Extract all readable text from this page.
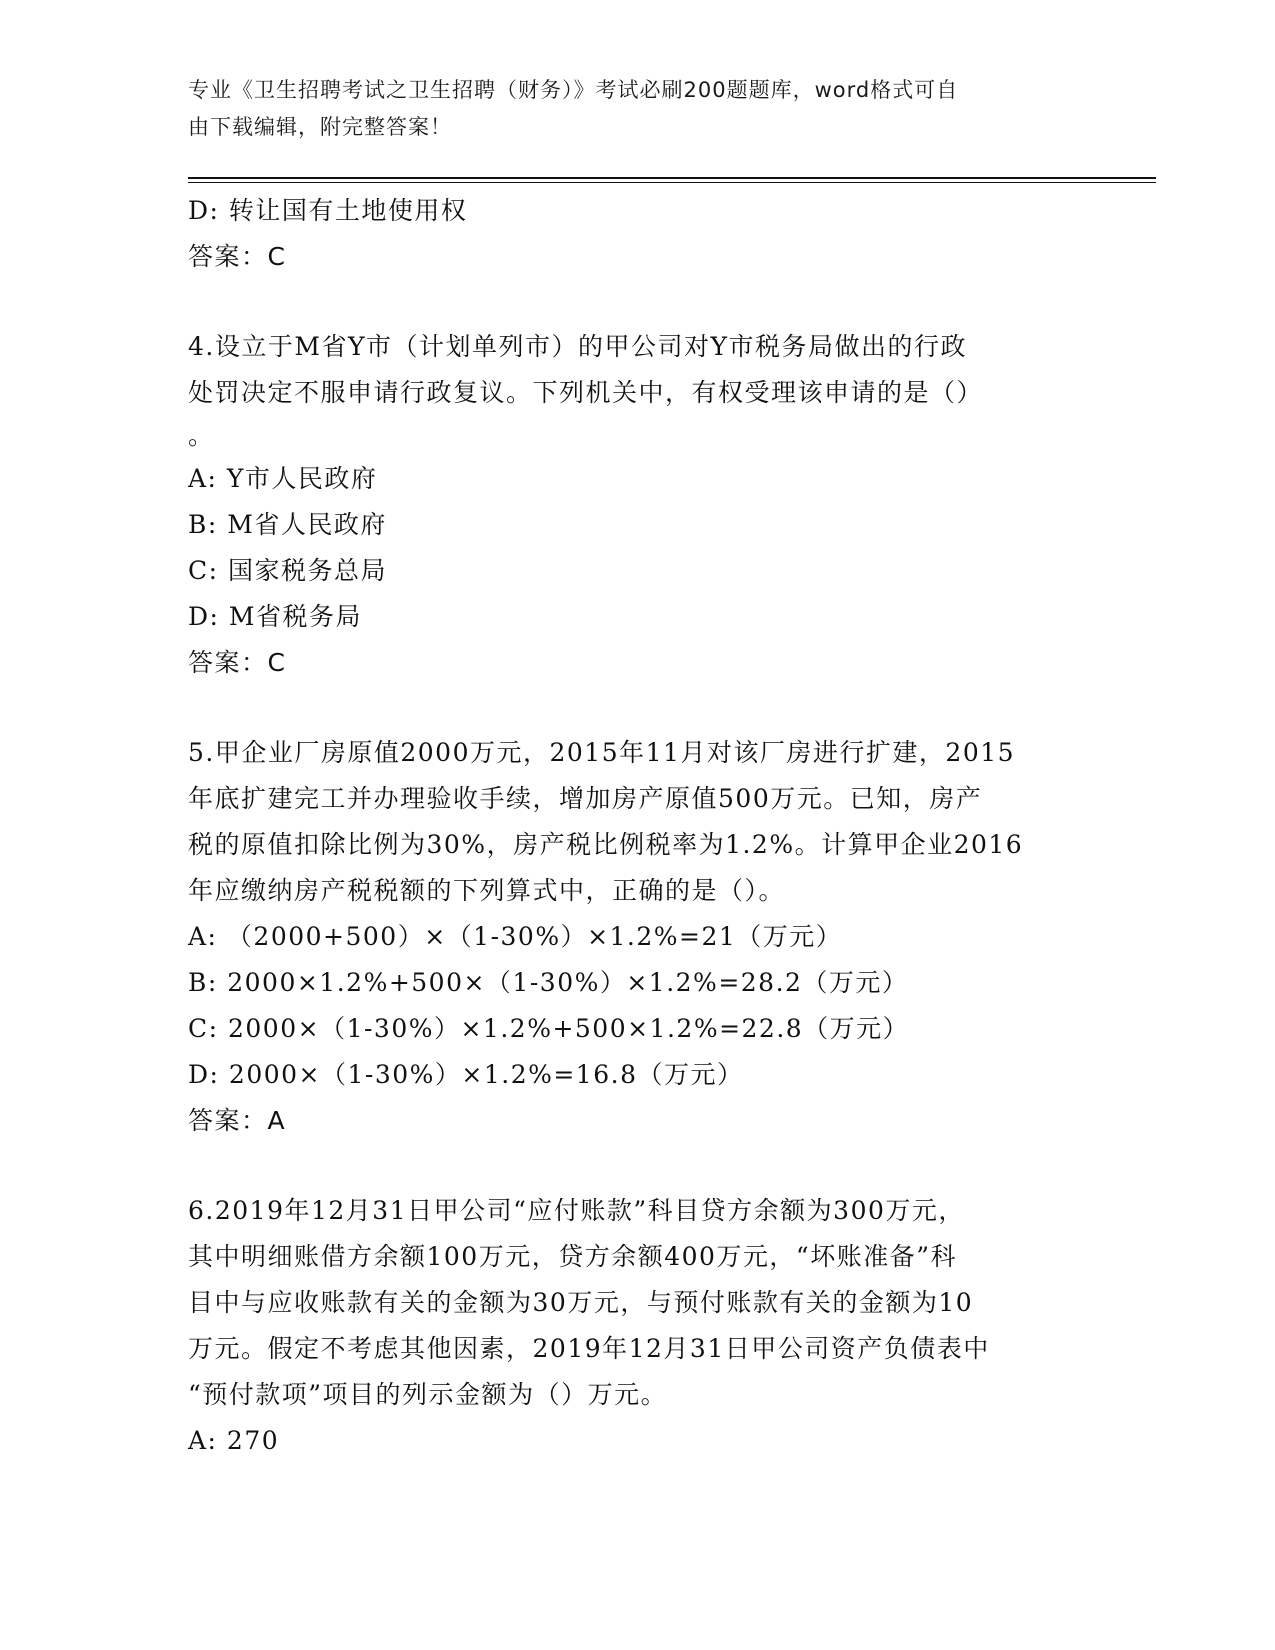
专业《卫生招聘考试之卫生招聘（财务）》考试必刷200题题库，word格式可自
由下载编辑，附完整答案！
D: 转让国有土地使用权
答案：C
4.设立于M省Y市（计划单列市）的甲公司对Y市税务局做出的行政
处罚决定不服申请行政复议。下列机关中，有权受理该申请的是（）
。
A: Y市人民政府
B: M省人民政府
C: 国家税务总局
D: M省税务局
答案：C
5.甲企业厂房原值2000万元，2015年11月对该厂房进行扩建，2015
年底扩建完工并办理验收手续，增加房产原值500万元。已知，房产
税的原值扣除比例为30%，房产税比例税率为1.2%。计算甲企业2016
年应缴纳房产税税额的下列算式中，正确的是（）。
A: （2000+500）×（1-30%）×1.2%=21（万元）
B: 2000×1.2%+500×（1-30%）×1.2%=28.2（万元）
C: 2000×（1-30%）×1.2%+500×1.2%=22.8（万元）
D: 2000×（1-30%）×1.2%=16.8（万元）
答案：A
6.2019年12月31日甲公司“应付账款”科目贷方余额为300万元，
其中明细账借方余额100万元，贷方余额400万元，“坏账准备”科
目中与应收账款有关的金额为30万元，与预付账款有关的金额为10
万元。假定不考虑其他因素，2019年12月31日甲公司资产负债表中
“预付款项”项目的列示金额为（）万元。
A: 270
